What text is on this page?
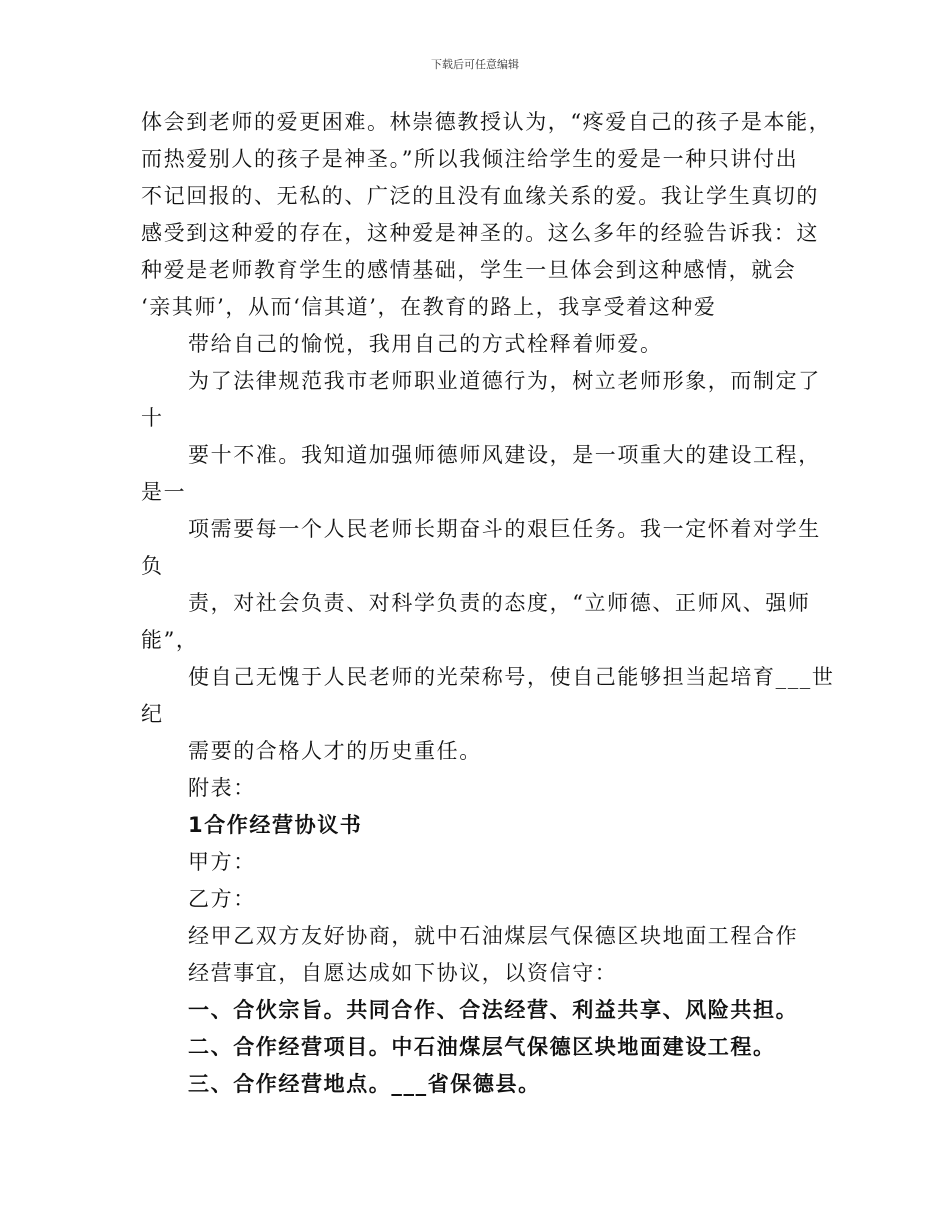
下载后可任意编辑
体会到老师的爱更困难。林崇德教授认为，“疼爱自己的孩子是本能，
而热爱别人的孩子是神圣。”所以我倾注给学生的爱是一种只讲付出
不记回报的、无私的、广泛的且没有血缘关系的爱。我让学生真切的
感受到这种爱的存在，这种爱是神圣的。这么多年的经验告诉我：这
种爱是老师教育学生的感情基础，学生一旦体会到这种感情，就会
‘亲其师’，从而‘信其道’，在教育的路上，我享受着这种爱
带给自己的愉悦，我用自己的方式栓释着师爱。
为了法律规范我市老师职业道德行为，树立老师形象，而制定了
十
要十不准。我知道加强师德师风建设，是一项重大的建设工程，
是一
项需要每一个人民老师长期奋斗的艰巨任务。我一定怀着对学生
负
责，对社会负责、对科学负责的态度，“立师德、正师风、强师
能”，
使自己无愧于人民老师的光荣称号，使自己能够担当起培育___世
纪
需要的合格人才的历史重任。
附表：
1合作经营协议书
甲方：
乙方：
经甲乙双方友好协商，就中石油煤层气保德区块地面工程合作
经营事宜，自愿达成如下协议，以资信守：
一、合伙宗旨。共同合作、合法经营、利益共享、风险共担。
二、合作经营项目。中石油煤层气保德区块地面建设工程。
三、合作经营地点。___省保德县。
